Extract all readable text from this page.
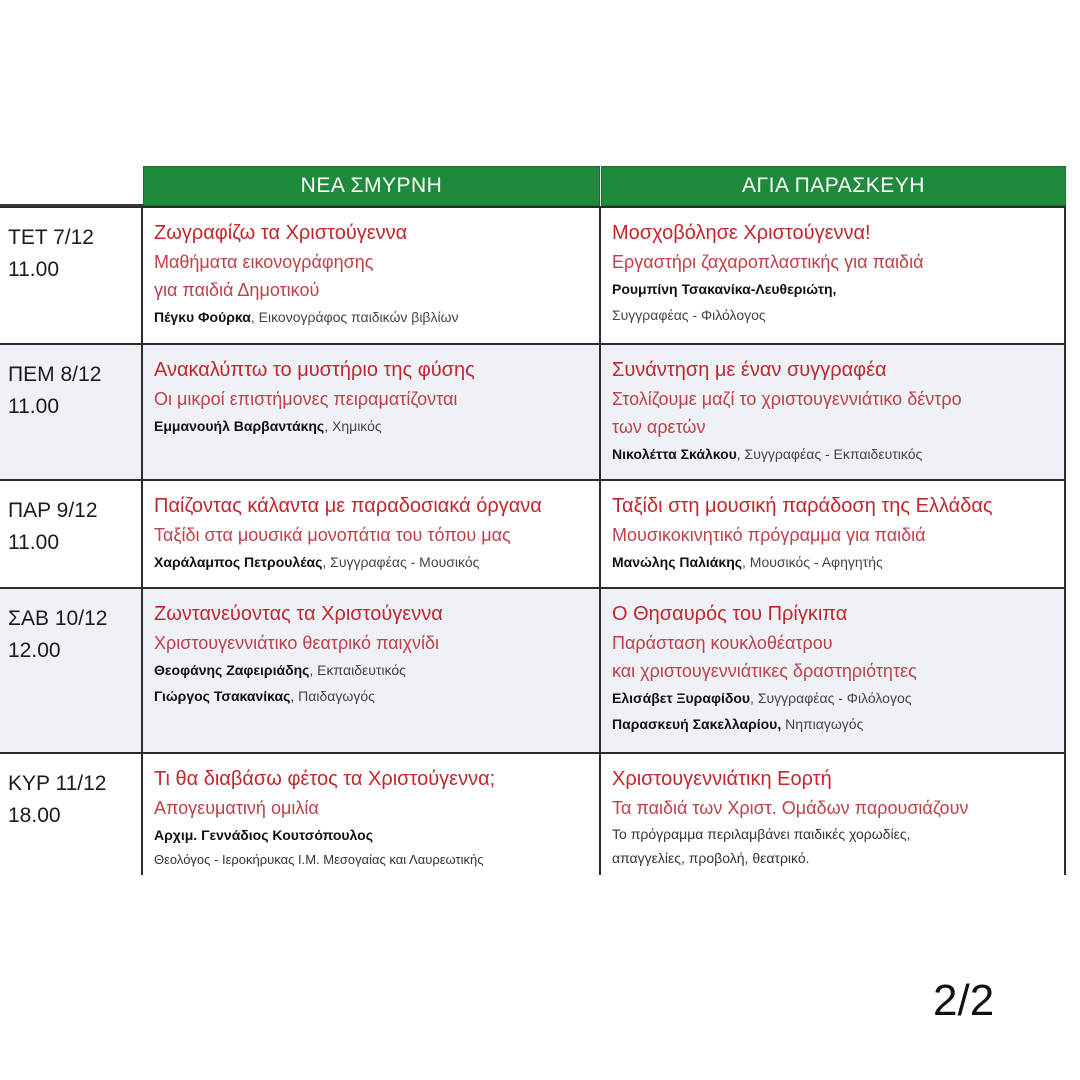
ΝΕΑ ΣΜΥΡΝΗ	ΑΓΙΑ ΠΑΡΑΣΚΕΥΗ
ΤΕΤ 7/12
11.00
Ζωγραφίζω τα Χριστούγεννα
Μαθήματα εικονογράφησης
για παιδιά Δημοτικού
Πέγκυ Φούρκα, Εικονογράφος παιδικών βιβλίων
Μοσχοβόλησε Χριστούγεννα!
Εργαστήρι ζαχαροπλαστικής για παιδιά
Ρουμπίνη Τσακανίκα-Λευθεριώτη,
Συγγραφέας - Φιλόλογος
ΠΕΜ 8/12
11.00
Ανακαλύπτω το μυστήριο της φύσης
Οι μικροί επιστήμονες πειραματίζονται
Εμμανουήλ Βαρβαντάκης, Χημικός
Συνάντηση με έναν συγγραφέα
Στολίζουμε μαζί το χριστουγεννιάτικο δέντρο
των αρετών
Νικολέττα Σκάλκου, Συγγραφέας - Εκπαιδευτικός
ΠΑΡ 9/12
11.00
Παίζοντας κάλαντα με παραδοσιακά όργανα
Ταξίδι στα μουσικά μονοπάτια του τόπου μας
Χαράλαμπος Πετρουλέας, Συγγραφέας - Μουσικός
Ταξίδι στη μουσική παράδοση της Ελλάδας
Μουσικοκινητικό πρόγραμμα για παιδιά
Μανώλης Παλιάκης, Μουσικός - Αφηγητής
ΣΑΒ 10/12
12.00
Ζωντανεύοντας τα Χριστούγεννα
Χριστουγεννιάτικο θεατρικό παιχνίδι
Θεοφάνης Ζαφειριάδης, Εκπαιδευτικός
Γιώργος Τσακανίκας, Παιδαγωγός
Ο Θησαυρός του Πρίγκιπα
Παράσταση κουκλοθέατρου
και χριστουγεννιάτικες δραστηριότητες
Ελισάβετ Ξυραφίδου, Συγγραφέας - Φιλόλογος
Παρασκευή Σακελλαρίου, Νηπιαγωγός
ΚΥΡ 11/12
18.00
Τι θα διαβάσω φέτος τα Χριστούγεννα;
Απογευματινή ομιλία
Αρχιμ. Γεννάδιος Κουτσόπουλος
Θεολόγος - Ιεροκήρυκας Ι.Μ. Μεσογαίας και Λαυρεωτικής
Χριστουγεννιάτικη Εορτή
Τα παιδιά των Χριστ. Ομάδων παρουσιάζουν
Το πρόγραμμα περιλαμβάνει παιδικές χορωδίες,
απαγγελίες, προβολή, θεατρικό.
2/2
